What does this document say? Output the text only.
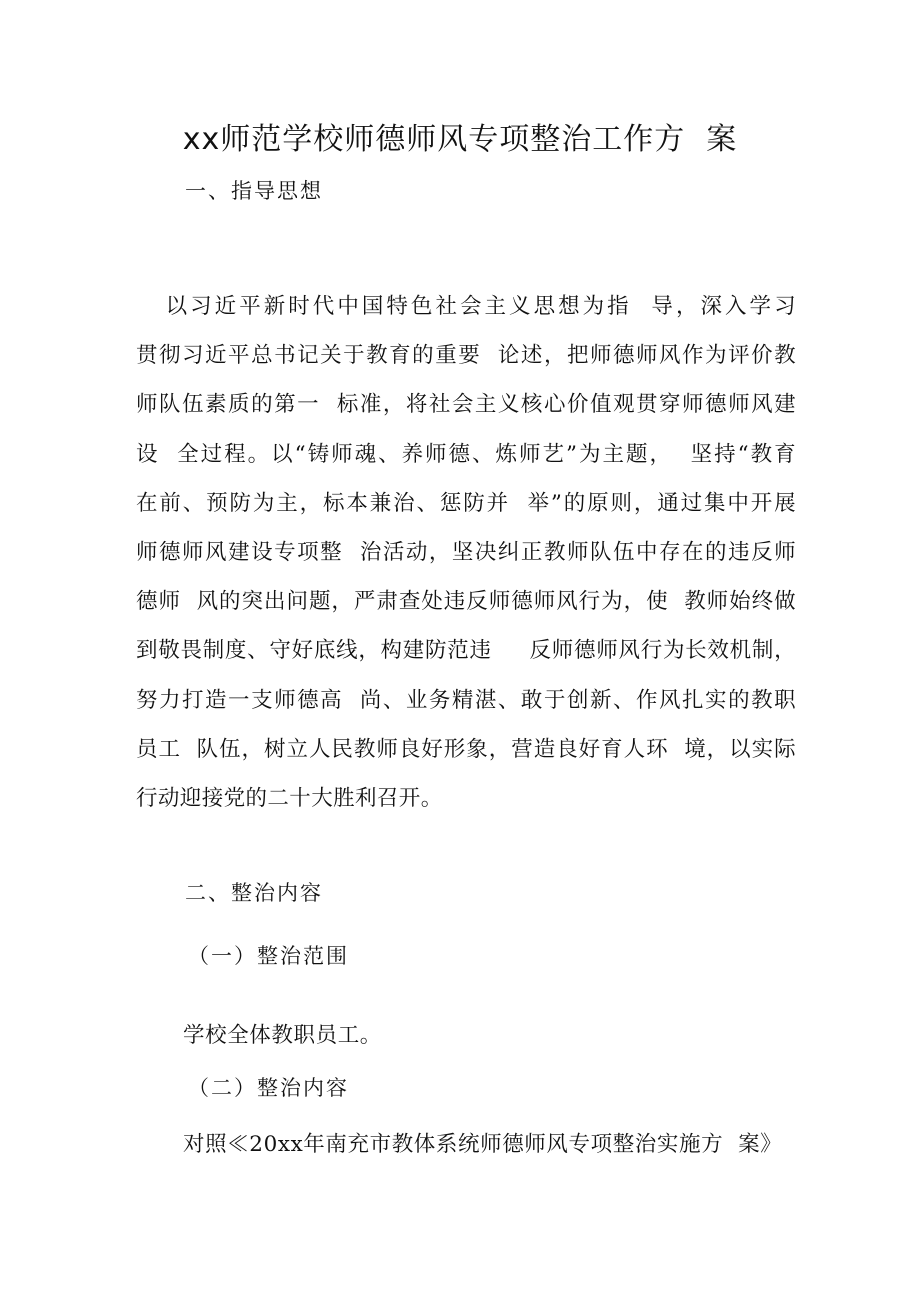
xx师范学校师德师风专项整治工作方  案
一、指导思想
以习近平新时代中国特色社会主义思想为指  导，深入学习
贯彻习近平总书记关于教育的重要  论述，把师德师风作为评价教
师队伍素质的第一  标准，将社会主义核心价值观贯穿师德师风建
设  全过程。以“铸师魂、养师德、炼师艺”为主题，  坚持“教育
在前、预防为主，标本兼治、惩防并  举”的原则，通过集中开展
师德师风建设专项整  治活动，坚决纠正教师队伍中存在的违反师
德师  风的突出问题，严肃查处违反师德师风行为，使  教师始终做
到敬畏制度、守好底线，构建防范违     反师德师风行为长效机制，
努力打造一支师德高  尚、业务精湛、敢于创新、作风扎实的教职
员工  队伍，树立人民教师良好形象，营造良好育人环  境，以实际
行动迎接党的二十大胜利召开。
二、整治内容
（一）整治范围
学校全体教职员工。
（二）整治内容
对照≪20xx年南充市教体系统师德师风专项整治实施方  案》
